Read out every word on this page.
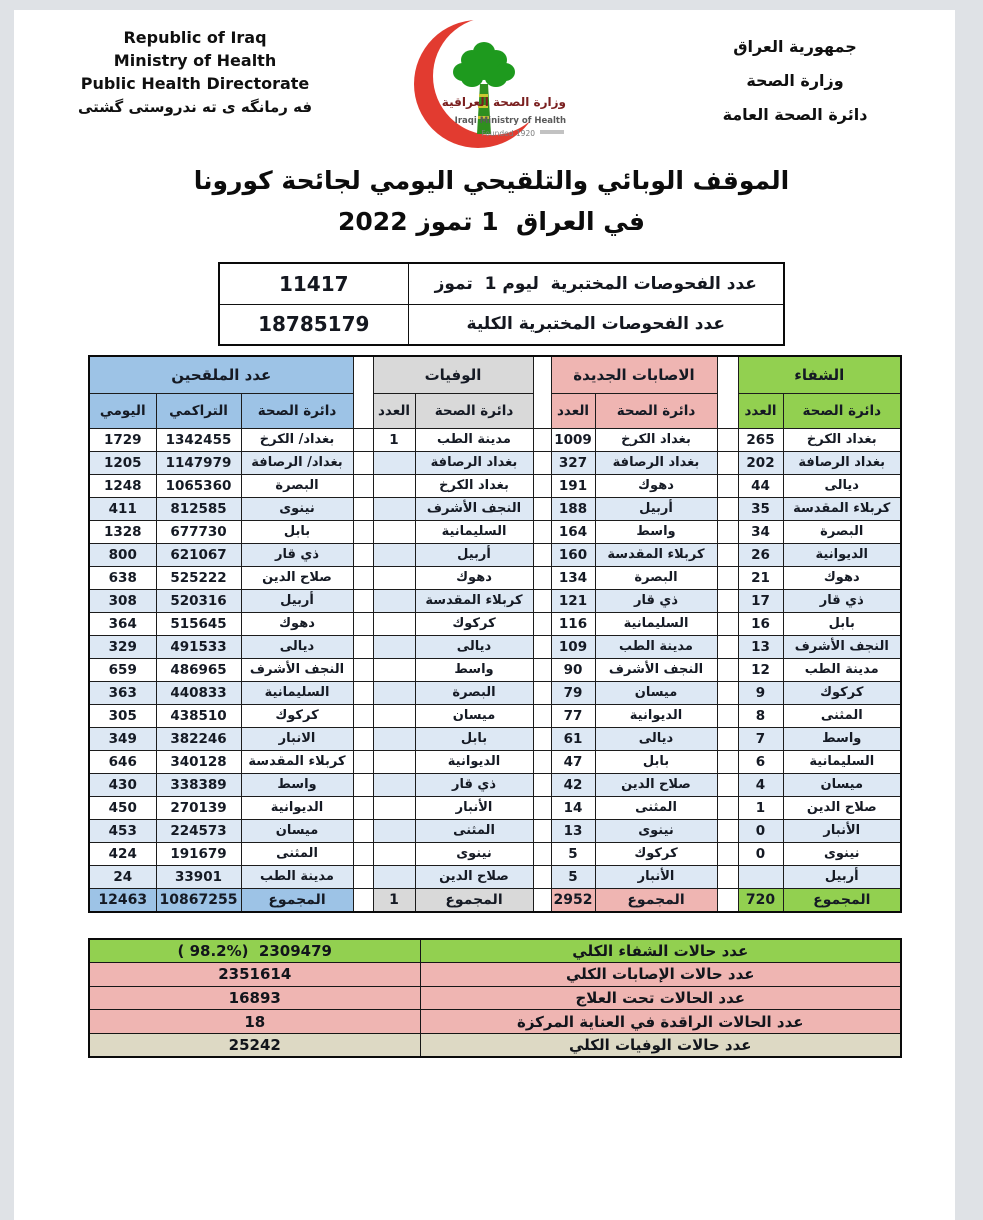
Republic of Iraq
Ministry of Health
Public Health Directorate
فه رمانگه ی ته ندروستی گشتی	وزارة الصحة العراقية
Iraqi Ministry of Health
Founded 1920
جمهورية العراق
وزارة الصحة
دائرة الصحة العامة
الموقف الوبائي والتلقيحي اليومي لجائحة كورونا
في العراق  1 تموز 2022
11417	عدد الفحوصات المختبرية  ليوم 1  تموز
18785179	عدد الفحوصات المختبرية الكلية
عدد الملقحين				الوفيات			الاصابات الجديدة			الشفاء	
اليومي	التراكمي	دائرة الصحة		العدد	دائرة الصحة		العدد	دائرة الصحة		العدد	دائرة الصحة
1729	1342455	بغداد/ الكرخ		1	مدينة الطب		1009	بغداد الكرخ		265	بغداد الكرخ
1205	1147979	بغداد/ الرصافة			بغداد الرصافة		327	بغداد الرصافة		202	بغداد الرصافة
1248	1065360	البصرة			بغداد الكرخ		191	دهوك		44	ديالى
411	812585	نينوى			النجف الأشرف		188	أربيل		35	كربلاء المقدسة
1328	677730	بابل			السليمانية		164	واسط		34	البصرة
800	621067	ذي قار			أربيل		160	كربلاء المقدسة		26	الديوانية
638	525222	صلاح الدين			دهوك		134	البصرة		21	دهوك
308	520316	أربيل			كربلاء المقدسة		121	ذي قار		17	ذي قار
364	515645	دهوك			كركوك		116	السليمانية		16	بابل
329	491533	ديالى			ديالى		109	مدينة الطب		13	النجف الأشرف
659	486965	النجف الأشرف			واسط		90	النجف الأشرف		12	مدينة الطب
363	440833	السليمانية			البصرة		79	ميسان		9	كركوك
305	438510	كركوك			ميسان		77	الديوانية		8	المثنى
349	382246	الانبار			بابل		61	ديالى		7	واسط
646	340128	كربلاء المقدسة			الديوانية		47	بابل		6	السليمانية
430	338389	واسط			ذي قار		42	صلاح الدين		4	ميسان
450	270139	الديوانية			الأنبار		14	المثنى		1	صلاح الدين
453	224573	ميسان			المثنى		13	نينوى		0	الأنبار
424	191679	المثنى			نينوى		5	كركوك		0	نينوى
24	33901	مدينة الطب			صلاح الدين		5	الأنبار			أربيل
12463	10867255	المجموع		1	المجموع		2952	المجموع		720	المجموع
( 98.2%)  2309479	عدد حالات الشفاء الكلي
2351614	عدد حالات الإصابات الكلي
16893	عدد الحالات تحت العلاج
18	عدد الحالات الراقدة في العناية المركزة
25242	عدد حالات الوفيات الكلي
